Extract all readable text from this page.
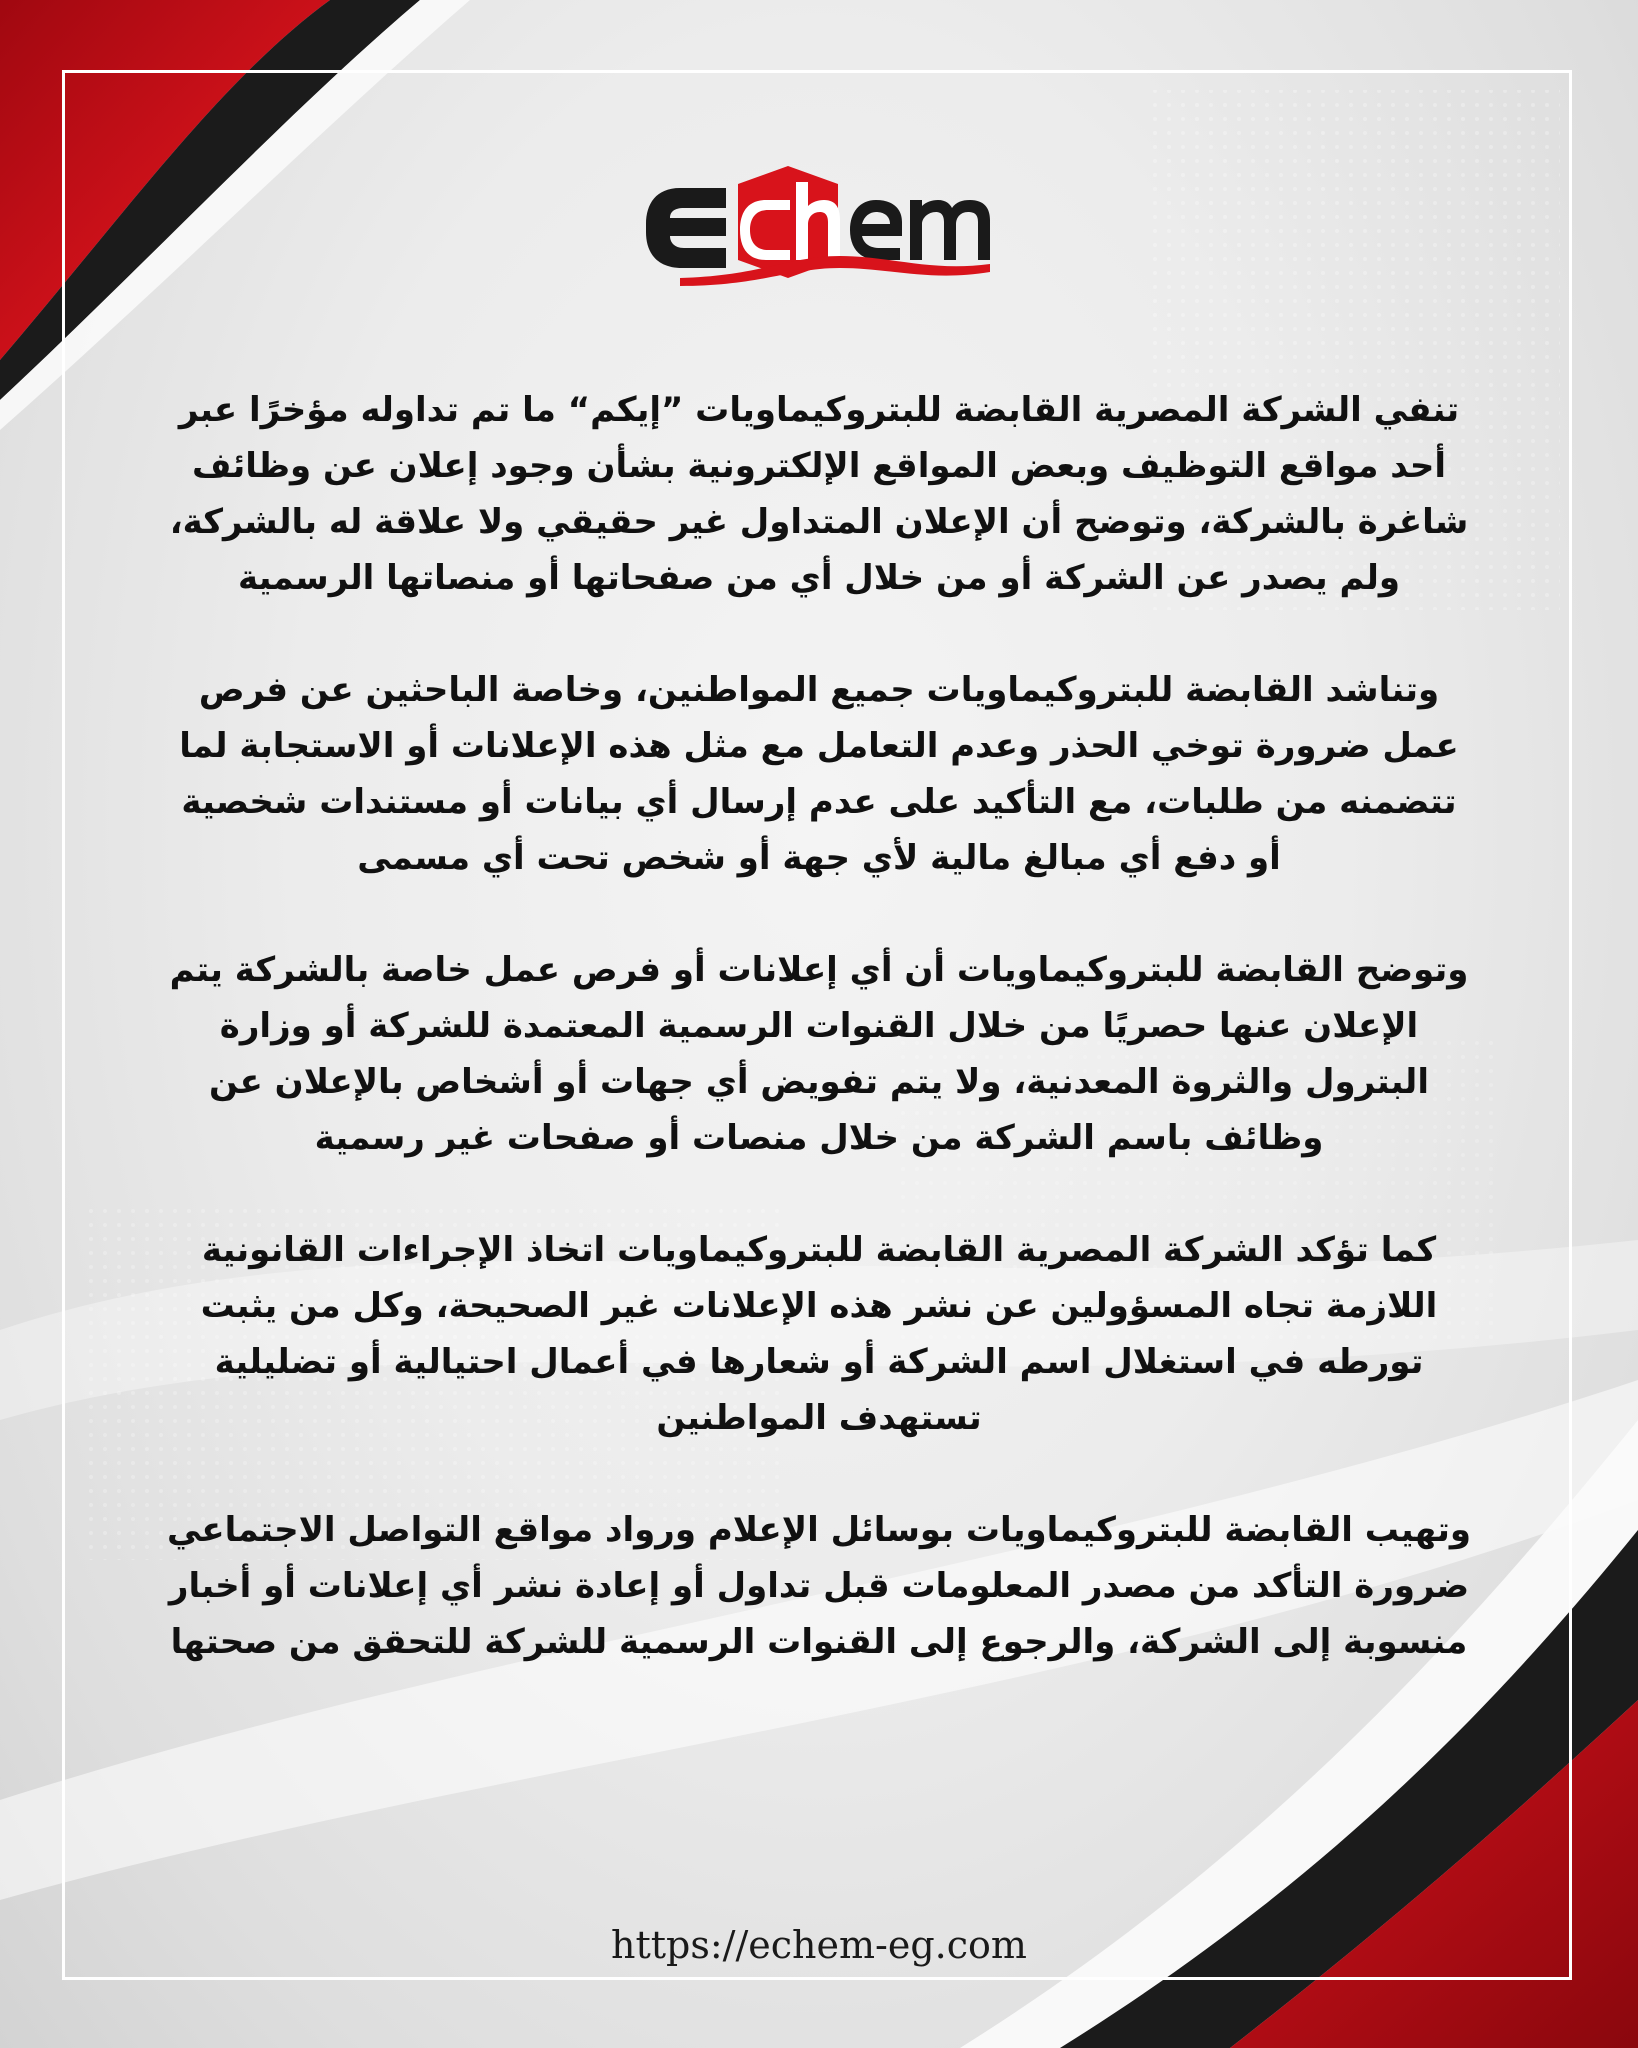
تنفي الشركة المصرية القابضة للبتروكيماويات ”إيكم“ ما تم تداوله مؤخرًا عبر أحد مواقع التوظيف وبعض المواقع الإلكترونية بشأن وجود إعلان عن وظائف شاغرة بالشركة، وتوضح أن الإعلان المتداول غير حقيقي ولا علاقة له بالشركة، ولم يصدر عن الشركة أو من خلال أي من صفحاتها أو منصاتها الرسمية

وتناشد القابضة للبتروكيماويات جميع المواطنين، وخاصة الباحثين عن فرص عمل ضرورة توخي الحذر وعدم التعامل مع مثل هذه الإعلانات أو الاستجابة لما تتضمنه من طلبات، مع التأكيد على عدم إرسال أي بيانات أو مستندات شخصية أو دفع أي مبالغ مالية لأي جهة أو شخص تحت أي مسمى

وتوضح القابضة للبتروكيماويات أن أي إعلانات أو فرص عمل خاصة بالشركة يتم الإعلان عنها حصريًا من خلال القنوات الرسمية المعتمدة للشركة أو وزارة البترول والثروة المعدنية، ولا يتم تفويض أي جهات أو أشخاص بالإعلان عن وظائف باسم الشركة من خلال منصات أو صفحات غير رسمية

كما تؤكد الشركة المصرية القابضة للبتروكيماويات اتخاذ الإجراءات القانونية اللازمة تجاه المسؤولين عن نشر هذه الإعلانات غير الصحيحة، وكل من يثبت تورطه في استغلال اسم الشركة أو شعارها في أعمال احتيالية أو تضليلية تستهدف المواطنين

وتهيب القابضة للبتروكيماويات بوسائل الإعلام ورواد مواقع التواصل الاجتماعي ضرورة التأكد من مصدر المعلومات قبل تداول أو إعادة نشر أي إعلانات أو أخبار منسوبة إلى الشركة، والرجوع إلى القنوات الرسمية للشركة للتحقق من صحتها

https://echem-eg.com
